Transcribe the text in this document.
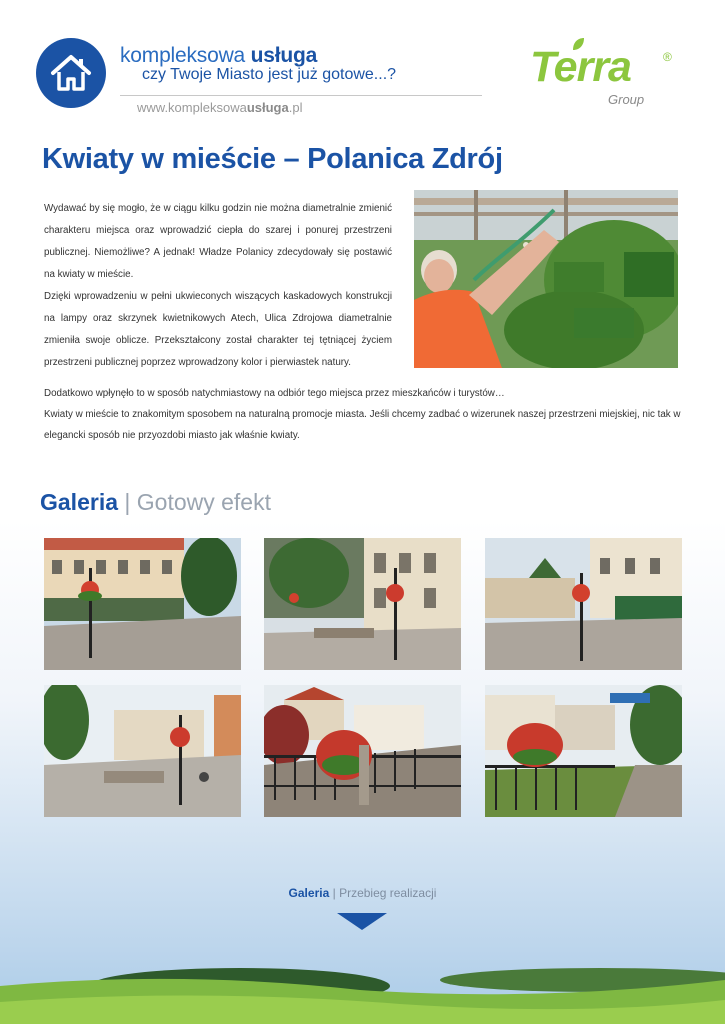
kompleksowa usługa
czy Twoje Miasto jest już gotowe...?
www.kompleksowausługa.pl
Terra	®
Group
Kwiaty w mieście – Polanica Zdrój

Wydawać by się mogło, że w ciągu kilku godzin nie można diametralnie zmienić charakteru miejsca oraz wprowadzić ciepła do szarej i ponurej przestrzeni publicznej. Niemożliwe? A jednak! Władze Polanicy zdecydowały się postawić na kwiaty w mieście.

Dzięki wprowadzeniu w pełni ukwieconych wiszących kaskadowych konstrukcji na lampy oraz skrzynek kwietnikowych Atech, Ulica Zdrojowa diametralnie zmieniła swoje oblicze. Przekształcony został charakter tej tętniącej życiem przestrzeni publicznej poprzez wprowadzony kolor i pierwiastek natury.

Dodatkowo wpłynęło to w sposób natychmiastowy na odbiór tego miejsca przez mieszkańców i turystów…

Kwiaty w mieście to znakomitym sposobem na naturalną promocje miasta. Jeśli chcemy zadbać o wizerunek naszej przestrzeni miejskiej, nic tak w elegancki sposób nie przyozdobi miasto jak właśnie kwiaty.

Galeria | Gotowy efekt
Galeria | Przebieg realizacji
